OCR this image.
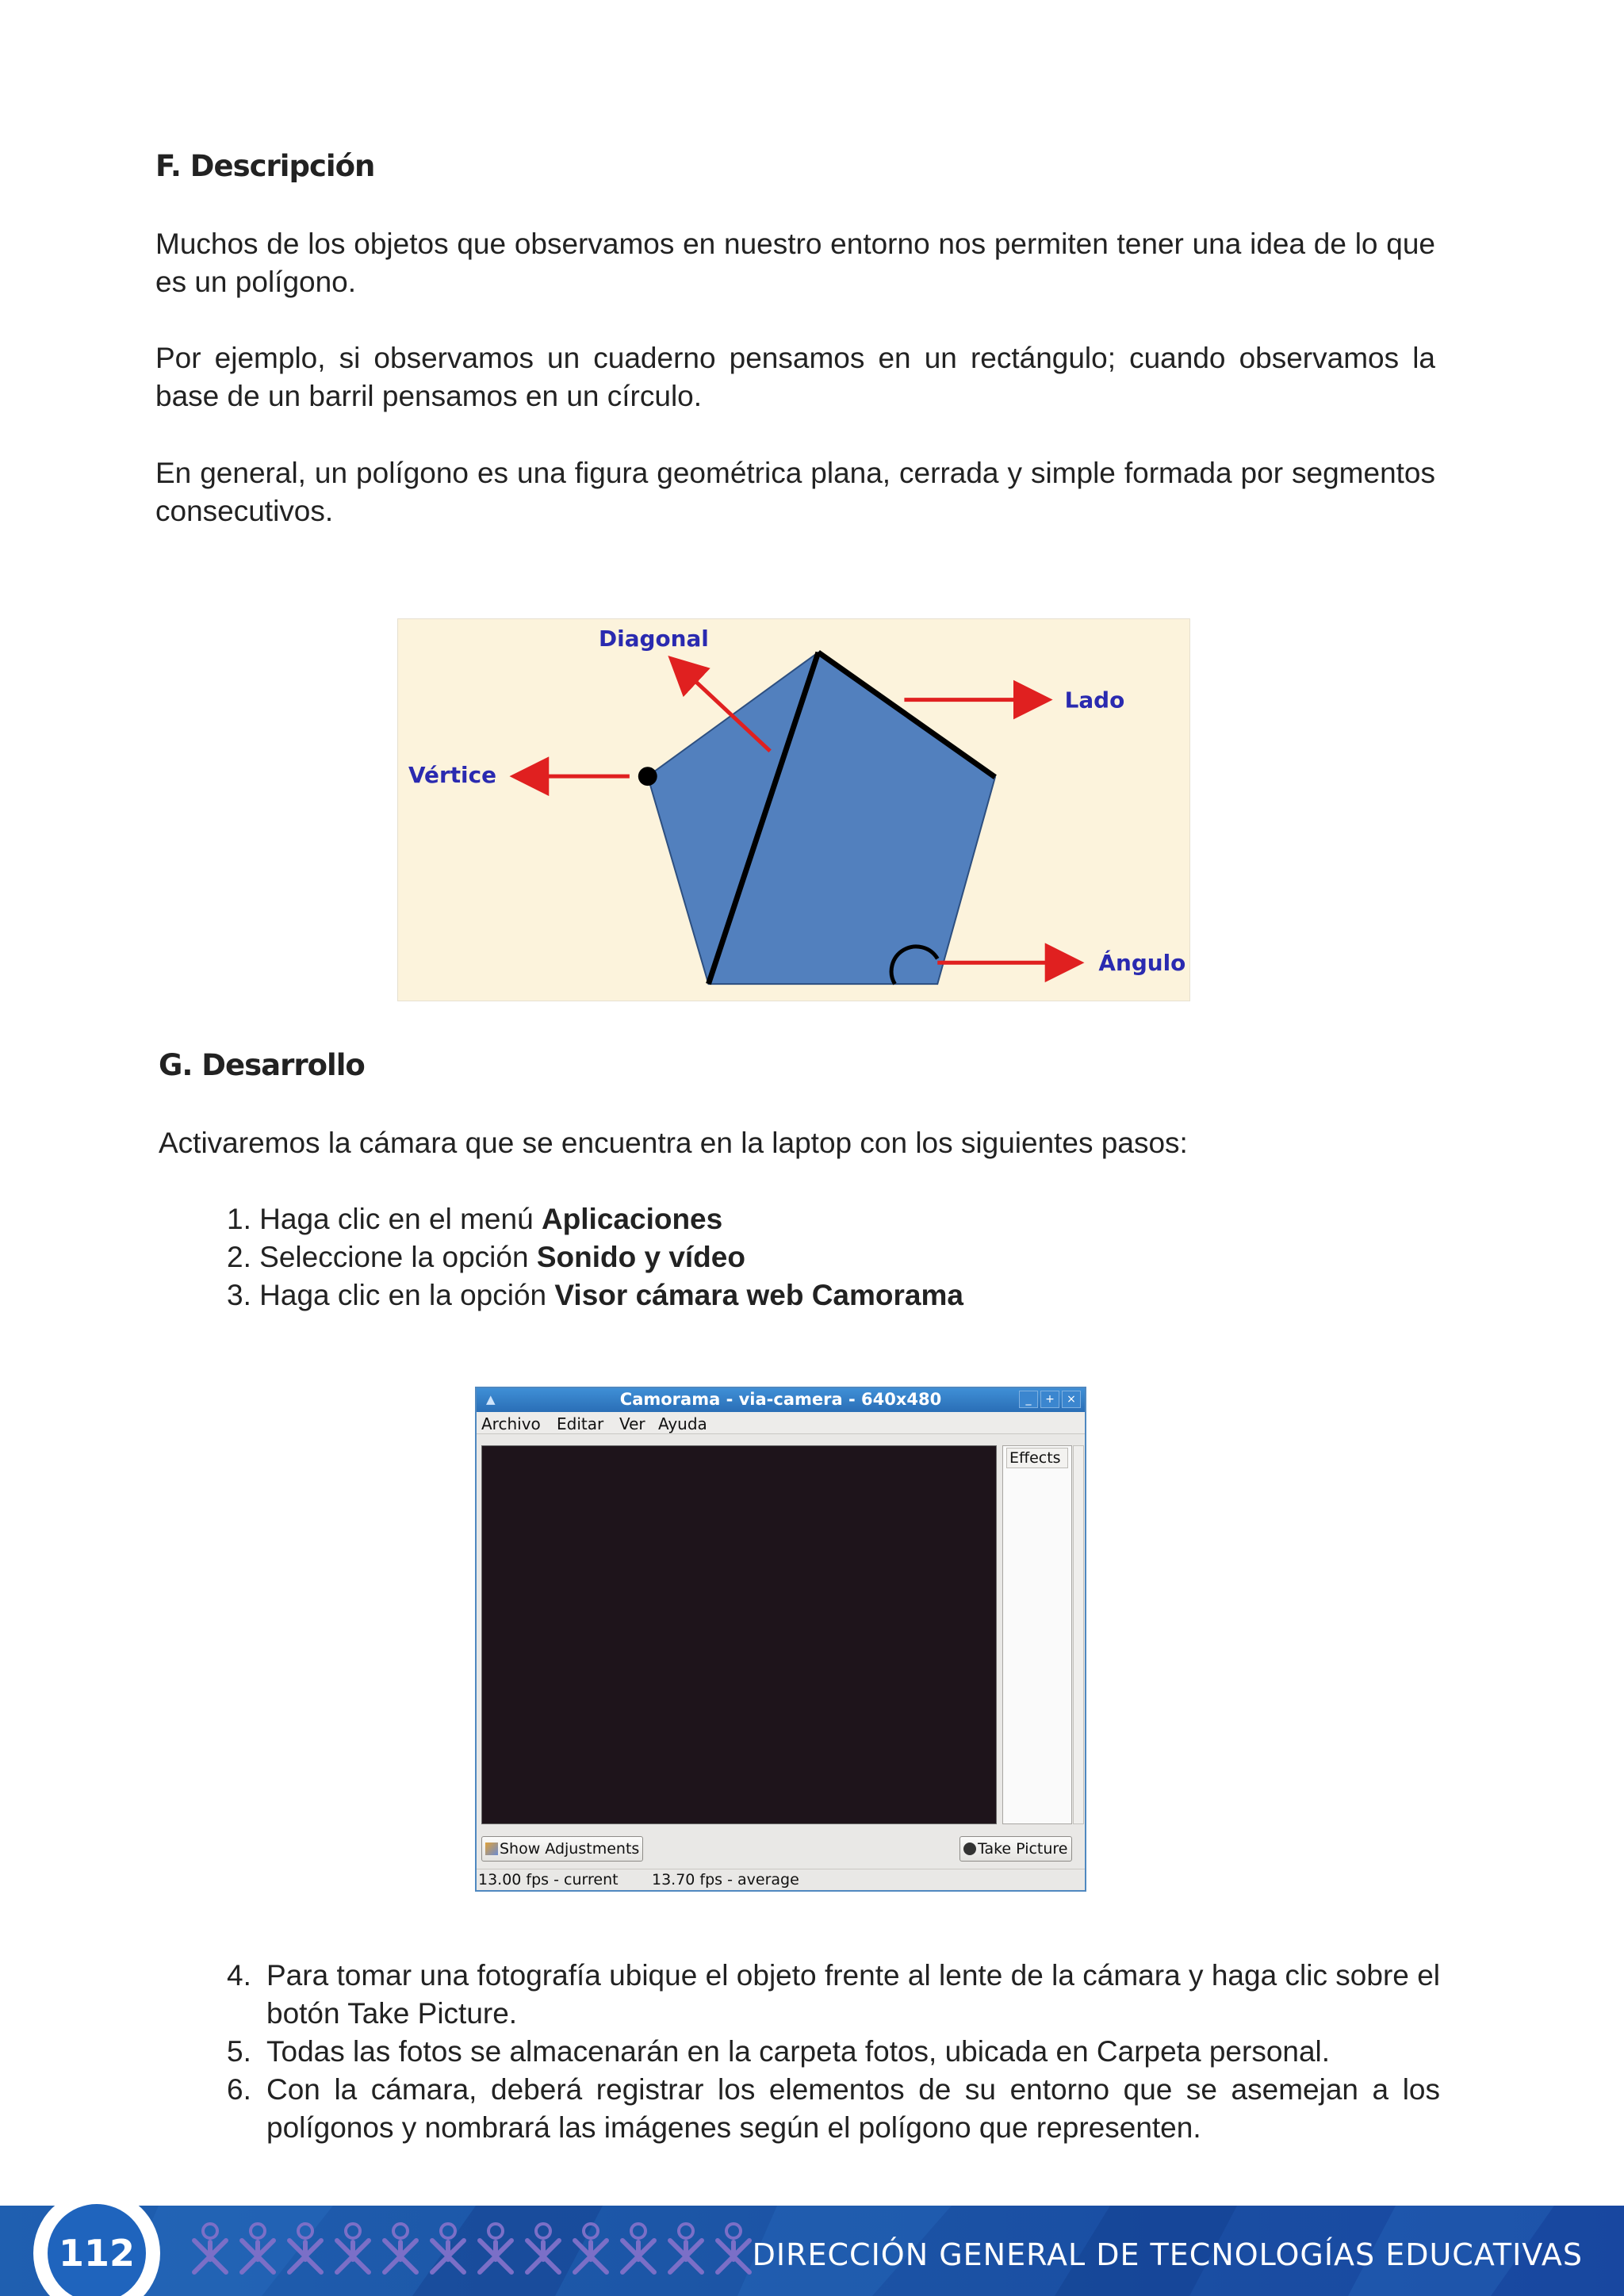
F. Descripción

Muchos de los objetos que observamos en nuestro entorno nos permiten tener una idea de lo que es un polígono.

Por ejemplo, si observamos un cuaderno pensamos en un rectángulo; cuando observamos la base de un barril pensamos en un círculo.

En general, un polígono es una figura geométrica plana, cerrada y simple formada por segmentos consecutivos.

Diagonal
Lado
Vértice
Ángulo
G. Desarrollo

Activaremos la cámara que se encuentra en la laptop con los siguientes pasos:

1. Haga clic en el menú Aplicaciones
2. Seleccione la opción Sonido y vídeo
3. Haga clic en la opción Visor cámara web Camorama
▲	Camorama - via-camera - 640x480	_	+	×
Archivo Editar Ver Ayuda
Effects
Show Adjustments	Take Picture
13.00 fps - current 13.70 fps - average
4. Para tomar una fotografía ubique el objeto frente al lente de la cámara y haga clic sobre el botón Take Picture.
5. Todas las fotos se almacenarán en la carpeta fotos, ubicada en Carpeta personal.
6. Con la cámara, deberá registrar los elementos de su entorno que se asemejan a los polígonos y nombrará las imágenes según el polígono que representen.
112	DIRECCIÓN GENERAL DE TECNOLOGÍAS EDUCATIVAS
